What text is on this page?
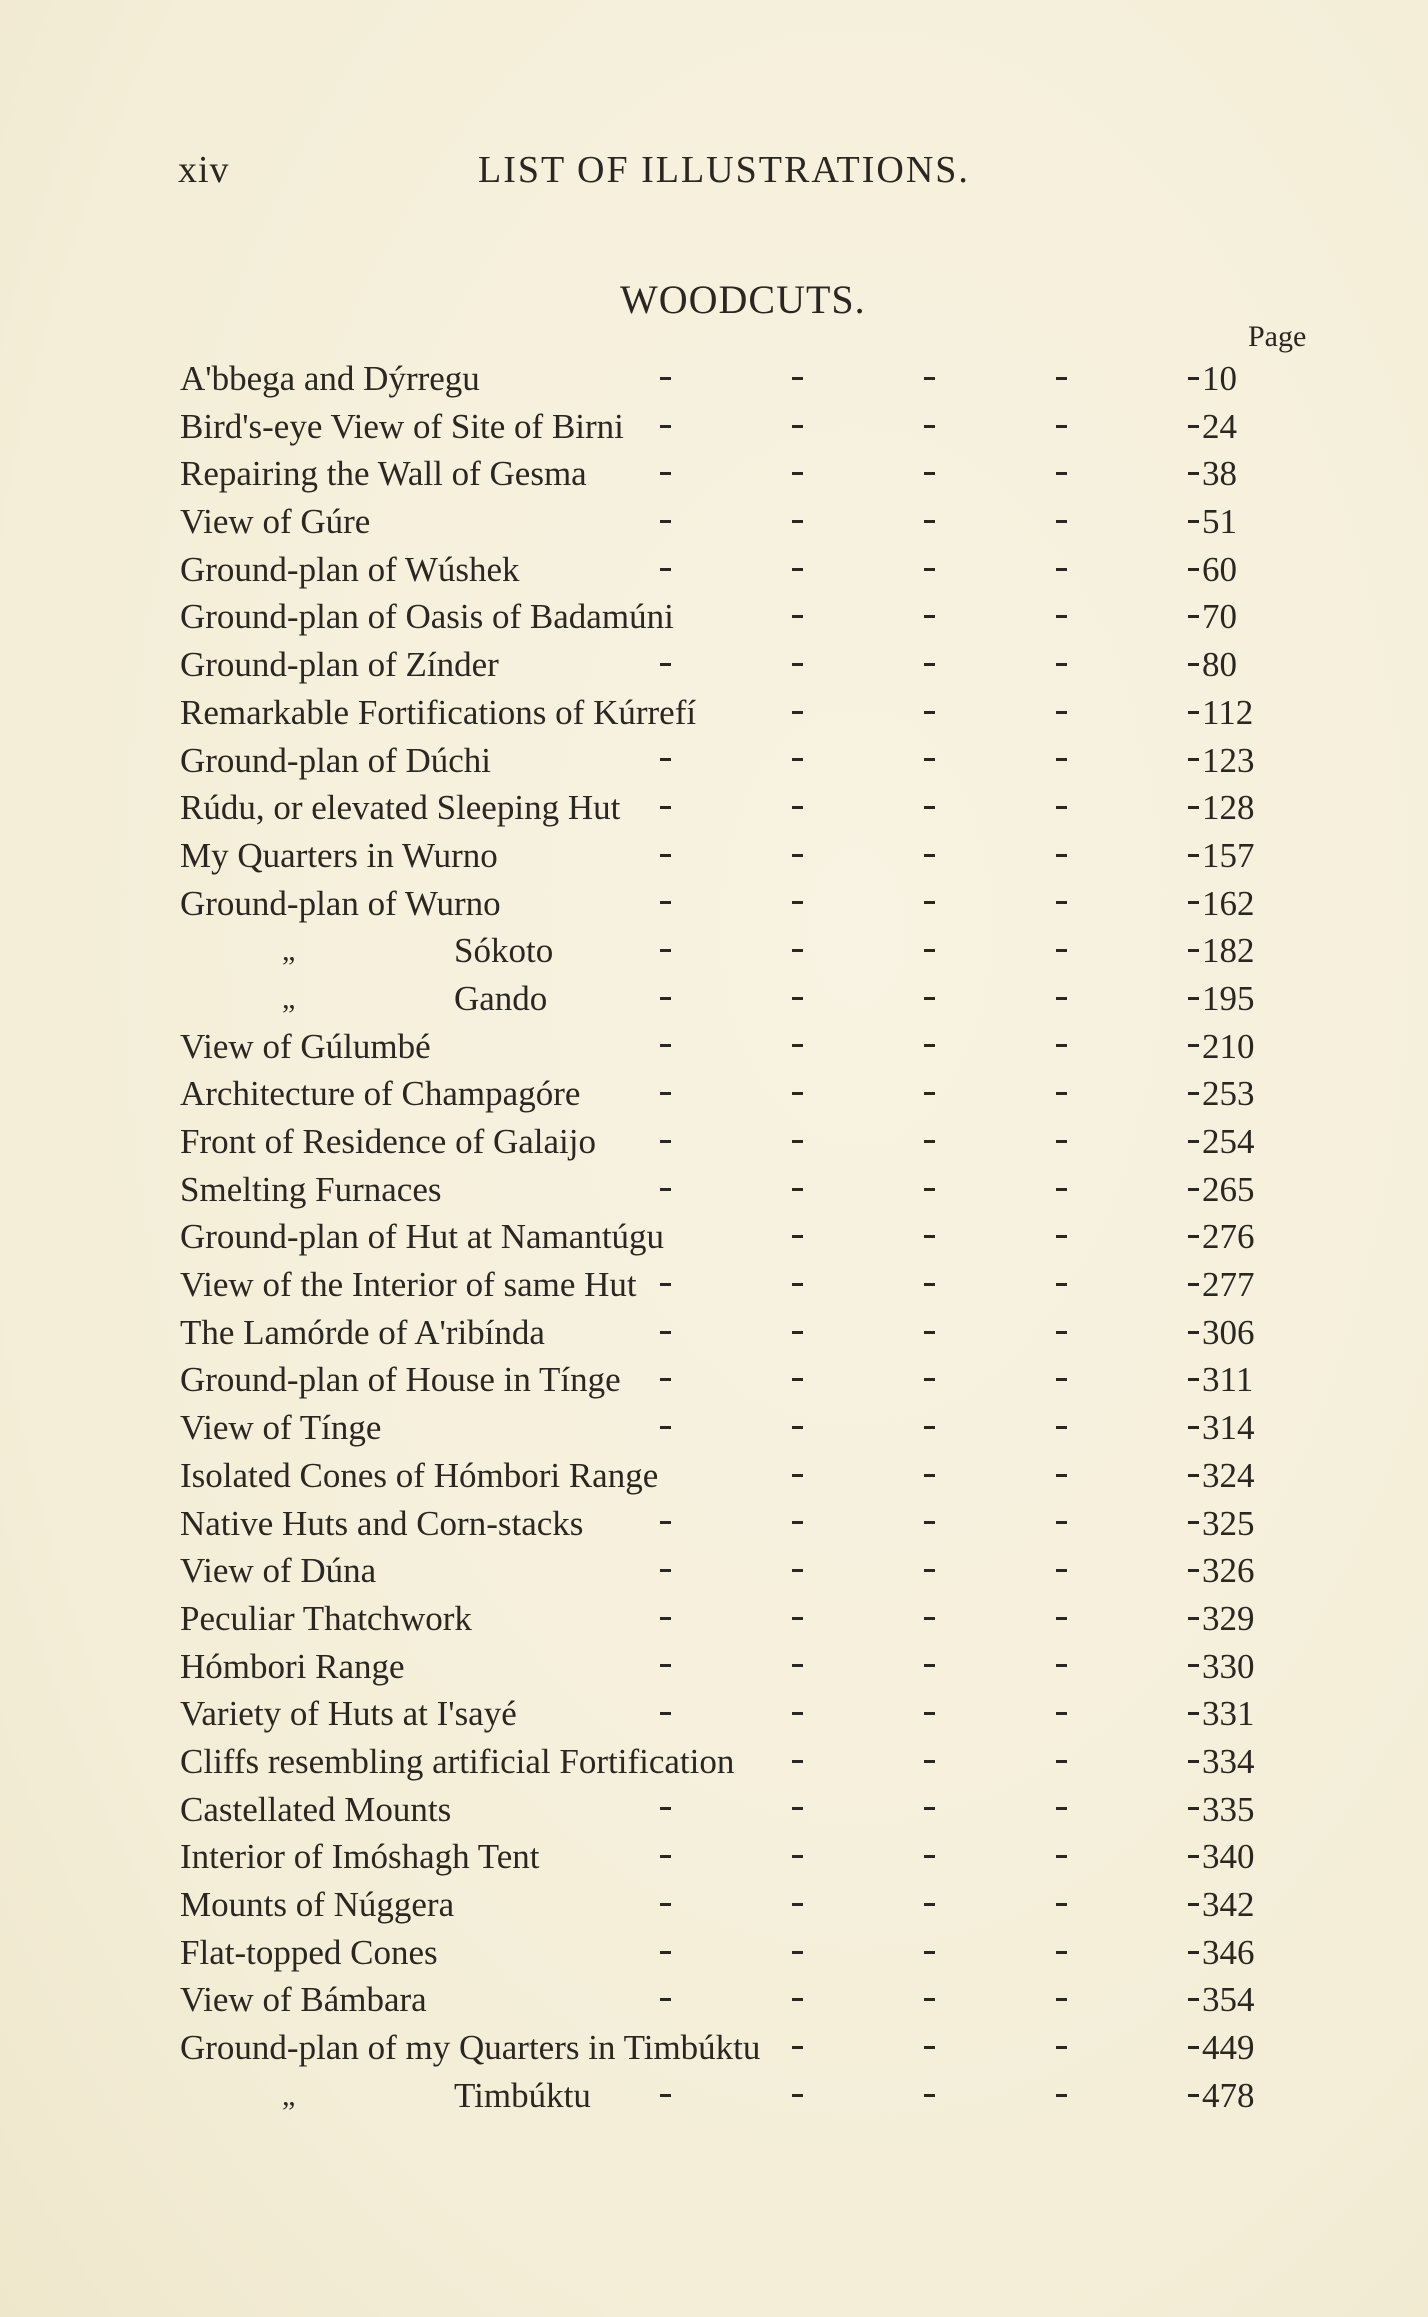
xiv	LIST OF ILLUSTRATIONS.
WOODCUTS.
Page
A'bbega and Dýrregu	10
Bird's-eye View of Site of Birni	24
Repairing the Wall of Gesma	38
View of Gúre	51
Ground-plan of Wúshek	60
Ground-plan of Oasis of Badamúni	70
Ground-plan of Zínder	80
Remarkable Fortifications of Kúrrefí	112
Ground-plan of Dúchi	123
Rúdu, or elevated Sleeping Hut	128
My Quarters in Wurno	157
Ground-plan of Wurno	162
„	Sókoto	182
„	Gando	195
View of Gúlumbé	210
Architecture of Champagóre	253
Front of Residence of Galaijo	254
Smelting Furnaces	265
Ground-plan of Hut at Namantúgu	276
View of the Interior of same Hut	277
The Lamórde of A'ribínda	306
Ground-plan of House in Tínge	311
View of Tínge	314
Isolated Cones of Hómbori Range	324
Native Huts and Corn-stacks	325
View of Dúna	326
Peculiar Thatchwork	329
Hómbori Range	330
Variety of Huts at I'sayé	331
Cliffs resembling artificial Fortification	334
Castellated Mounts	335
Interior of Imóshagh Tent	340
Mounts of Núggera	342
Flat-topped Cones	346
View of Bámbara	354
Ground-plan of my Quarters in Timbúktu	449
„	Timbúktu	478
